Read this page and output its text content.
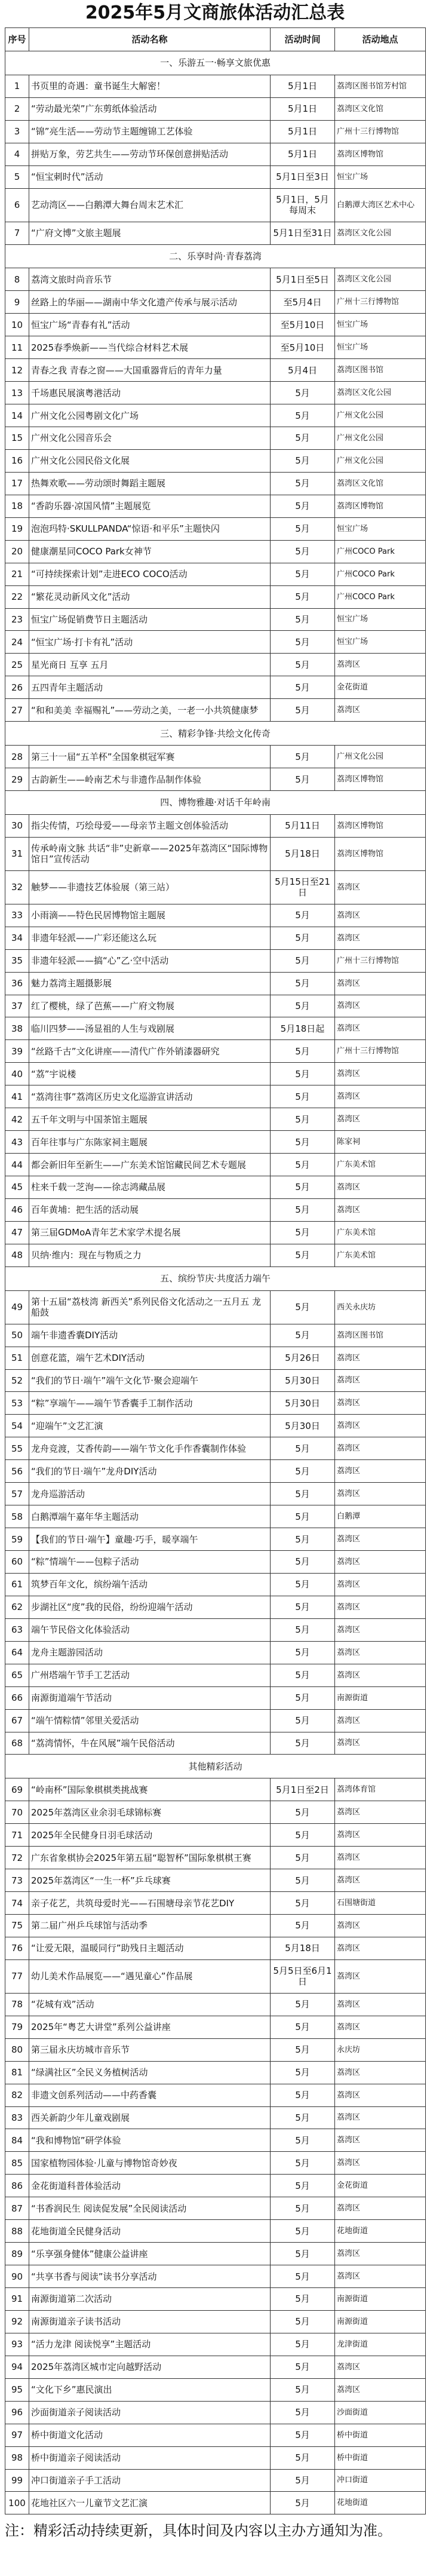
2025年5月文商旅体活动汇总表
序号	活动名称	活动时间	活动地点
一、乐游五一·畅享文旅优惠			
1	书页里的奇遇：童书诞生大解密！	5月1日	荔湾区图书馆芳村馆
2	“劳动最光荣”广东剪纸体验活动	5月1日	荔湾区文化馆
3	“锦”亮生活——劳动节主题缠锦工艺体验	5月1日	广州十三行博物馆
4	拼贴万象，劳艺共生——劳动节环保创意拼贴活动	5月1日	荔湾区博物馆
5	“恒宝刺时代”活动	5月1日至3日	恒宝广场
6	艺动湾区——白鹅潭大舞台周末艺术汇	5月1日，5月每周末	白鹅潭大湾区艺术中心
7	“广府文博”文旅主题展	5月1日至31日	荔湾区文化公园
二、乐享时尚·青春荔湾			
8	荔湾文旅时尚音乐节	5月1日至5日	荔湾区文化公园
9	丝路上的华丽——湖南中华文化遗产传承与展示活动	至5月4日	广州十三行博物馆
10	恒宝广场“青春有礼”活动	至5月10日	恒宝广场
11	2025春季焕新——当代综合材料艺术展	至5月10日	恒宝广场
12	青春之我 青春之窗——大国重器背后的青年力量	5月4日	荔湾区图书馆
13	千场惠民展演粤港活动	5月	荔湾区文化公园
14	广州文化公园粤剧文化广场	5月	广州文化公园
15	广州文化公园音乐会	5月	广州文化公园
16	广州文化公园民俗文化展	5月	广州文化公园
17	热舞欢歌——劳动颂时舞蹈主题展	5月	荔湾区文化馆
18	“香韵乐器·凉国风情”主题展览	5月	荔湾区博物馆
19	泡泡玛特·SKULLPANDA“惊语·和平乐”主题快闪	5月	恒宝广场
20	健康潮星同COCO Park女神节	5月	广州COCO Park
21	“可持续探索计划”走进ECO COCO活动	5月	广州COCO Park
22	“繁花灵动新风文化”活动	5月	广州COCO Park
23	恒宝广场促销费节日主题活动	5月	恒宝广场
24	“恒宝广场·打卡有礼”活动	5月	恒宝广场
25	星光商日 互享 五月	5月	荔湾区
26	五四青年主题活动	5月	金花街道
27	“和和美美 幸福赐礼”——劳动之美，一老一小共筑健康梦	5月	荔湾区
三、精彩争锋·共绘文化传奇			
28	第三十一届“五羊杯”全国象棋冠军赛	5月	广州文化公园
29	古韵新生——岭南艺术与非遗作品制作体验	5月	荔湾区博物馆
四、博物雅趣·对话千年岭南			
30	指尖传情，巧绘母爱——母亲节主题文创体验活动	5月11日	荔湾区博物馆
31	传承岭南文脉 共话“非”史新章——2025年荔湾区“国际博物馆日”宣传活动	5月18日	荔湾区博物馆
32	触梦——非遗技艺体验展（第三站）	5月15日至21日	荔湾区
33	小雨滴——特色民居博物馆主题展	5月	荔湾区
34	非遗年轻派——广彩还能这么玩	5月	荔湾区
35	非遗年轻派——搞“心”乙·空中活动	5月	广州十三行博物馆
36	魅力荔湾主题摄影展	5月	荔湾区
37	红了樱桃，绿了芭蕉——广府文物展	5月	荔湾区
38	临川四梦——汤显祖的人生与戏剧展	5月18日起	荔湾区
39	“丝路千古”文化讲座——清代广作外销漆器研究	5月	广州十三行博物馆
40	“荔”宇说楼	5月	荔湾区
41	“荔湾往事”荔湾区历史文化巡游宣讲活动	5月	荔湾区
42	五千年文明与中国茶馆主题展	5月	荔湾区
43	百年往事与广东陈家祠主题展	5月	陈家祠
44	都会新旧年至新生——广东美术馆馆藏民间艺术专题展	5月	广东美术馆
45	柱来千载一芝洵——徐志鸿藏品展	5月	荔湾区
46	百年黄埔：把生活的活动展	5月	荔湾区
47	第三届GDMoA青年艺术家学术提名展	5月	广东美术馆
48	贝纳·维内：现在与物质之力	5月	广东美术馆
五、缤纷节庆·共度活力端午			
49	第十五届“荔枝湾 新西关”系列民俗文化活动之一五月五 龙船鼓	5月	西关永庆坊
50	端午非遗香囊DIY活动	5月	荔湾区图书馆
51	创意花篮，端午艺术DIY活动	5月26日	荔湾区
52	“我们的节日·端午”端午文化节·聚会迎端午	5月30日	荔湾区
53	“粽”享端午——端午节香囊手工制作活动	5月30日	荔湾区
54	“迎端午”文艺汇演	5月30日	荔湾区
55	龙舟竞渡，艾香传韵——端午节文化手作香囊制作体验	5月	荔湾区
56	“我们的节日·端午”龙舟DIY活动	5月	荔湾区
57	龙舟巡游活动	5月	荔湾区
58	白鹅潭端午嘉年华主题活动	5月	白鹅潭
59	【我们的节日·端午】童趣·巧手，暖享端午	5月	荔湾区
60	“粽”情端午——包粽子活动	5月	荔湾区
61	筑梦百年文化，缤纷端午活动	5月	荔湾区
62	步湖社区“度”我的民俗，纷纷迎端午活动	5月	荔湾区
63	端午节民俗文化体验活动	5月	荔湾区
64	龙舟主题游园活动	5月	荔湾区
65	广州塔端午节手工艺活动	5月	荔湾区
66	南源街道端午节活动	5月	南源街道
67	“端午情粽情”邻里关爱活动	5月	荔湾区
68	“荔湾情怀，牛在风展”端午民俗活动	5月	荔湾区
其他精彩活动			
69	“岭南杯”国际象棋棋类挑战赛	5月1日至2日	荔湾体育馆
70	2025年荔湾区业余羽毛球锦标赛	5月	荔湾区
71	2025年全民健身日羽毛球活动	5月	荔湾区
72	广东省象棋协会2025年第五届“聪智杯”国际象棋棋王赛	5月	荔湾区
73	2025年荔湾区“一生一杯”乒乓球赛	5月	荔湾区
74	亲子花艺，共筑母爱时光——石围塘母亲节花艺DIY	5月	石围塘街道
75	第二届广州乒乓球馆与活动季	5月	荔湾区
76	“让爱无限，温暖同行”助残日主题活动	5月18日	荔湾区
77	幼儿美术作品展览——“遇见童心”作品展	5月5日至6月1日	荔湾区
78	“花城有戏”活动	5月	荔湾区
79	2025年“粤艺大讲堂”系列公益讲座	5月	荔湾区
80	第三届永庆坊城市音乐节	5月	永庆坊
81	“绿满社区”全民义务植树活动	5月	荔湾区
82	非遗文创系列活动——中药香囊	5月	荔湾区
83	西关新韵少年儿童戏剧展	5月	荔湾区
84	“我和博物馆”研学体验	5月	荔湾区
85	国家植物园体验·儿童与博物馆奇妙夜	5月	荔湾区
86	金花街道科普体验活动	5月	金花街道
87	“书香润民生 阅读促发展”全民阅读活动	5月	荔湾区
88	花地街道全民健身活动	5月	花地街道
89	“乐享强身健体”健康公益讲座	5月	荔湾区
90	“共享书香与阅读”读书分享活动	5月	荔湾区
91	南源街道第二次活动	5月	南源街道
92	南源街道亲子读书活动	5月	南源街道
93	“活力龙津 阅读悦享”主题活动	5月	龙津街道
94	2025年荔湾区城市定向越野活动	5月	荔湾区
95	“文化下乡”惠民演出	5月	荔湾区
96	沙面街道亲子阅读活动	5月	沙面街道
97	桥中街道文化活动	5月	桥中街道
98	桥中街道亲子阅读活动	5月	桥中街道
99	冲口街道亲子手工活动	5月	冲口街道
100	花地社区六一儿童节文艺汇演	5月	花地街道
注：精彩活动持续更新，具体时间及内容以主办方通知为准。
